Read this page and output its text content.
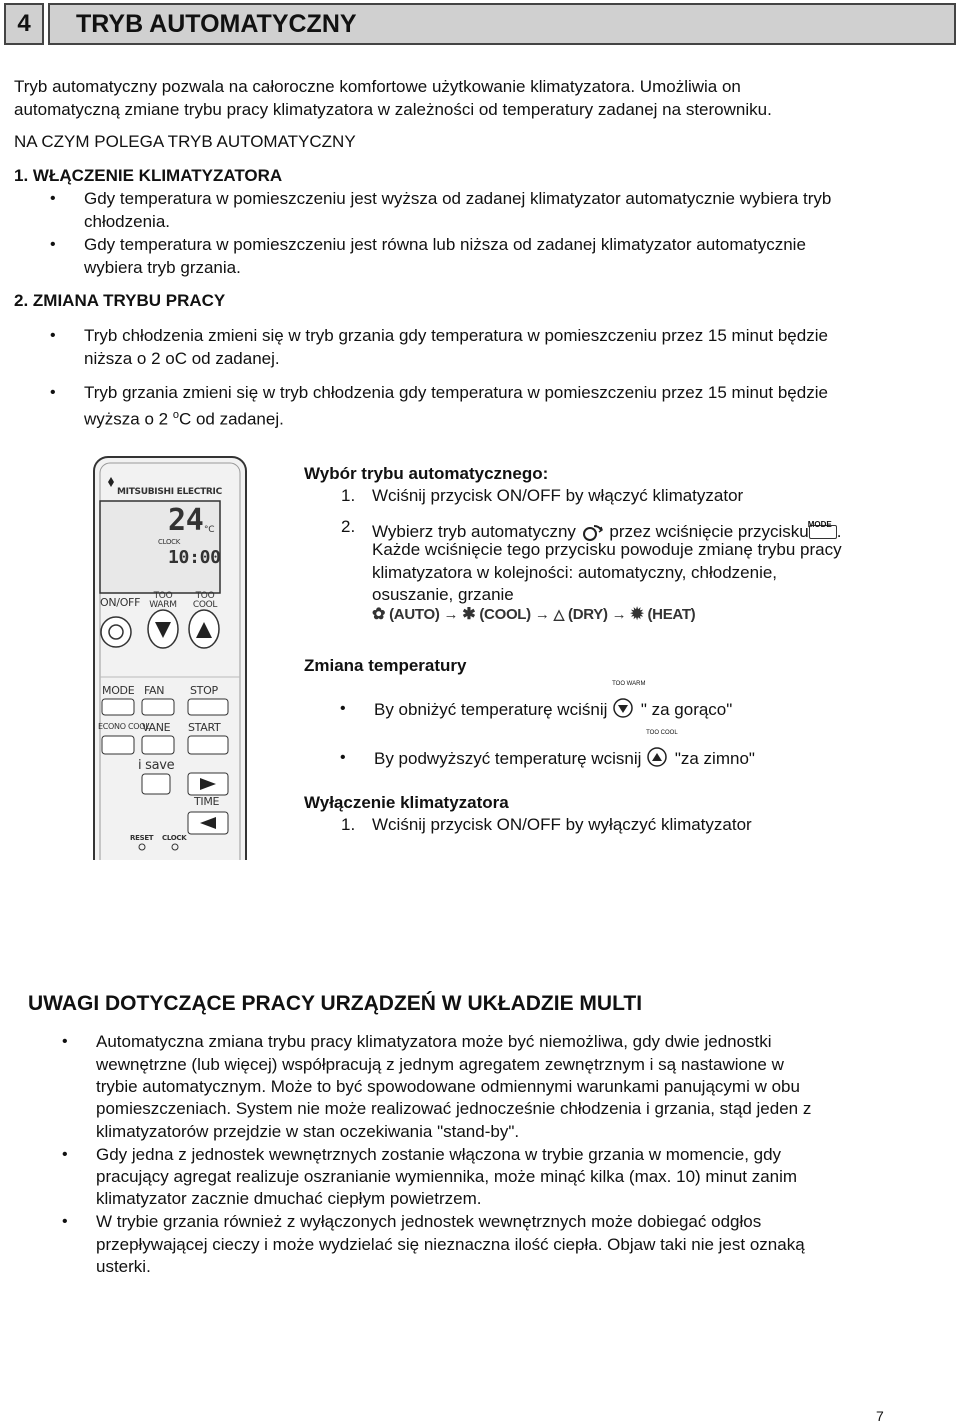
4	TRYB AUTOMATYCZNY
Tryb automatyczny pozwala na całoroczne komfortowe użytkowanie klimatyzatora. Umożliwia on
automatyczną zmiane trybu pracy klimatyzatora w zależności od temperatury zadanej na sterowniku.
NA CZYM POLEGA TRYB AUTOMATYCZNY
1. WŁĄCZENIE KLIMATYZATORA
• Gdy temperatura w pomieszczeniu jest wyższa od zadanej klimatyzator automatycznie wybiera tryb
chłodzenia.
• Gdy temperatura w pomieszczeniu jest równa lub niższa od zadanej klimatyzator automatycznie
wybiera tryb grzania.
2. ZMIANA TRYBU PRACY
• Tryb chłodzenia zmieni się w tryb grzania gdy temperatura w pomieszczeniu przez 15 minut będzie
niższa o 2 oC od zadanej.
• Tryb grzania zmieni się w tryb chłodzenia gdy temperatura w pomieszczeniu przez 15 minut będzie
wyższa o 2 $^o$C od zadanej.
MITSUBISHI ELECTRIC
24 °C
CLOCK
10:00
ON/OFF	TOO WARM
TOO COOL
MODE FAN STOP
ECONO COOL
VANE START
i save
TIME
RESET CLOCK
Wybór trybu automatycznego:
1. Wciśnij przycisk ON/OFF by włączyć klimatyzator
2. Wybierz tryb automatyczny przez wciśnięcie przyciskuMODE .
Każde wciśnięcie tego przycisku powoduje zmianę trybu pracy
klimatyzatora w kolejności: automatyczny, chłodzenie,
osuszanie, grzanie
✿ (AUTO) → ✱ (COOL) → △ (DRY) → ✹ (HEAT)
Zmiana temperatury
• By obniżyć temperaturę wciśnij
TOO WARM
" za gorąco"
• By podwyższyć temperaturę wcisnij
TOO COOL
"za zimno"
Wyłączenie klimatyzatora
1. Wciśnij przycisk ON/OFF by wyłączyć klimatyzator
UWAGI DOTYCZĄCE PRACY URZĄDZEŃ W UKŁADZIE MULTI
• Automatyczna zmiana trybu pracy klimatyzatora może być niemożliwa, gdy dwie jednostki
wewnętrzne (lub więcej) współpracują z jednym agregatem zewnętrznym i są nastawione w
trybie automatycznym. Może to być spowodowane odmiennymi warunkami panującymi w obu
pomieszczeniach. System nie może realizować jednocześnie chłodzenia i grzania, stąd jeden z
klimatyzatorów przejdzie w stan oczekiwania "stand-by".
• Gdy jedna z jednostek wewnętrznych zostanie włączona w trybie grzania w momencie, gdy
pracujący agregat realizuje oszranianie wymiennika, może minąć kilka (max. 10) minut zanim
klimatyzator zacznie dmuchać ciepłym powietrzem.
• W trybie grzania również z wyłączonych jednostek wewnętrznych może dobiegać odgłos
przepływającej cieczy i może wydzielać się nieznaczna ilość ciepła. Objaw taki nie jest oznaką
usterki.
7
